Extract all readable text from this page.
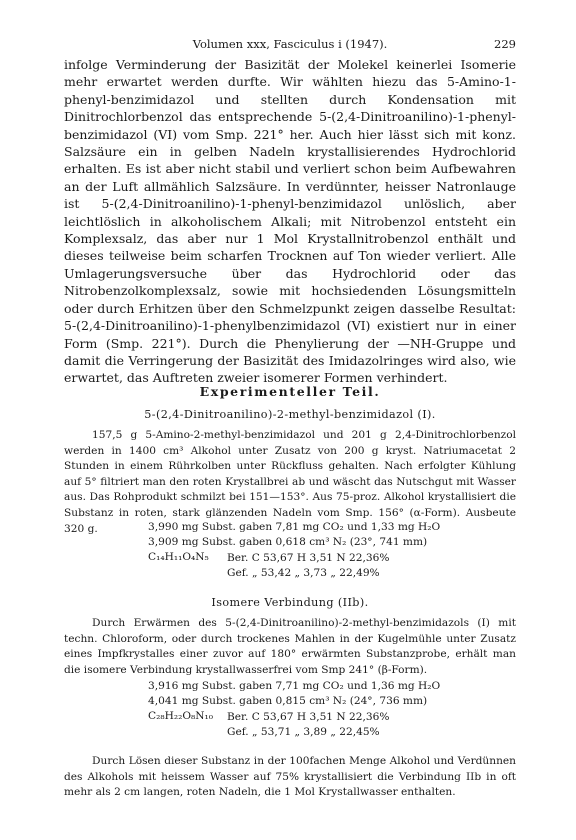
Volumen xxx, Fasciculus i (1947).	229

infolge Verminderung der Basizität der Molekel keinerlei Isomerie mehr erwartet werden durfte. Wir wählten hiezu das 5-Amino-1-phenyl-benzimidazol und stellten durch Kondensation mit Dinitrochlorbenzol das entsprechende 5-(2,4-Dinitroanilino)-1-phenyl-benzimidazol (VI) vom Smp. 221° her. Auch hier lässt sich mit konz. Salzsäure ein in gelben Nadeln krystallisierendes Hydrochlorid erhalten. Es ist aber nicht stabil und verliert schon beim Aufbewahren an der Luft allmählich Salzsäure. In verdünnter, heisser Natronlauge ist 5-(2,4-Dinitroanilino)-1-phenyl-benzimidazol unlöslich, aber leichtlöslich in alkoholischem Alkali; mit Nitrobenzol entsteht ein Komplexsalz, das aber nur 1 Mol Krystallnitrobenzol enthält und dieses teilweise beim scharfen Trocknen auf Ton wieder verliert. Alle Umlagerungsversuche über das Hydrochlorid oder das Nitrobenzolkomplexsalz, sowie mit hochsiedenden Lösungsmitteln oder durch Erhitzen über den Schmelzpunkt zeigen dasselbe Resultat: 5-(2,4-Dinitroanilino)-1-phenylbenzimidazol (VI) existiert nur in einer Form (Smp. 221°). Durch die Phenylierung der —NH-Gruppe und damit die Verringerung der Basizität des Imidazolringes wird also, wie erwartet, das Auftreten zweier isomerer Formen verhindert.

Experimenteller Teil.
5-(2,4-Dinitroanilino)-2-methyl-benzimidazol (I).

157,5 g 5-Amino-2-methyl-benzimidazol und 201 g 2,4-Dinitrochlorbenzol werden in 1400 cm³ Alkohol unter Zusatz von 200 g kryst. Natriumacetat 2 Stunden in einem Rührkolben unter Rückfluss gehalten. Nach erfolgter Kühlung auf 5° filtriert man den roten Krystallbrei ab und wäscht das Nutschgut mit Wasser aus. Das Rohprodukt schmilzt bei 151—153°. Aus 75-proz. Alkohol krystallisiert die Substanz in roten, stark glänzenden Nadeln vom Smp. 156° (α-Form). Ausbeute 320 g.	3,990 mg Subst. gaben 7,81 mg CO₂ und 1,33 mg H₂O
3,909 mg Subst. gaben 0,618 cm³ N₂ (23°, 741 mm)
C₁₄H₁₁O₄N₅ Ber. C 53,67 H 3,51 N 22,36%
Gef. „ 53,42 „ 3,73 „ 22,49%
Isomere Verbindung (IIb).

Durch Erwärmen des 5-(2,4-Dinitroanilino)-2-methyl-benzimidazols (I) mit techn. Chloroform, oder durch trockenes Mahlen in der Kugelmühle unter Zusatz eines Impfkrystalles einer zuvor auf 180° erwärmten Substanzprobe, erhält man die isomere Verbindung krystallwasserfrei vom Smp 241° (β-Form).

3,916 mg Subst. gaben 7,71 mg CO₂ und 1,36 mg H₂O
4,041 mg Subst. gaben 0,815 cm³ N₂ (24°, 736 mm)
C₂₈H₂₂O₈N₁₀ Ber. C 53,67 H 3,51 N 22,36%
Gef. „ 53,71 „ 3,89 „ 22,45%

Durch Lösen dieser Substanz in der 100fachen Menge Alkohol und Verdünnen des Alkohols mit heissem Wasser auf 75% krystallisiert die Verbindung IIb in oft mehr als 2 cm langen, roten Nadeln, die 1 Mol Krystallwasser enthalten.
